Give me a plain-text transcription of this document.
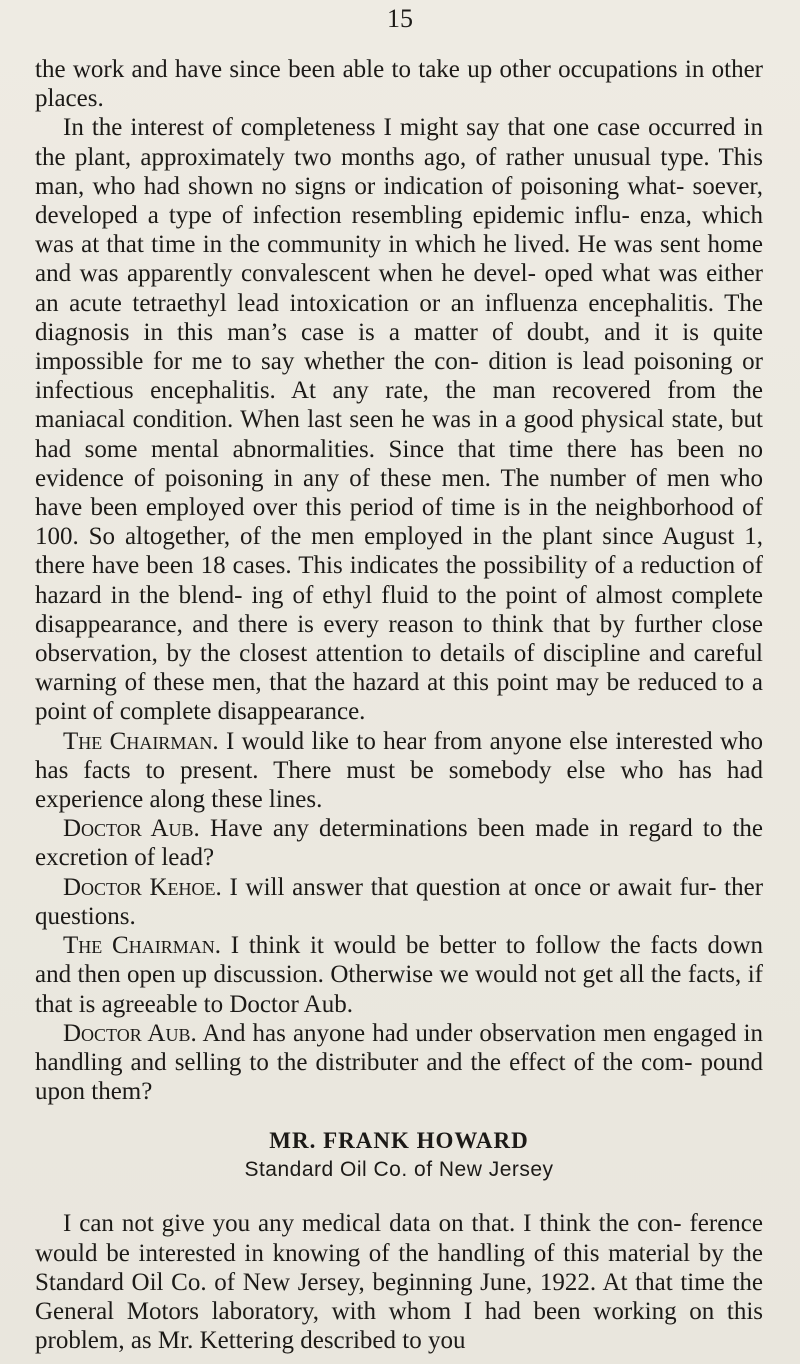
15

the work and have since been able to take up other occupations in other places.

In the interest of completeness I might say that one case occurred in the plant, approximately two months ago, of rather unusual type. This man, who had shown no signs or indication of poisoning what- soever, developed a type of infection resembling epidemic influ- enza, which was at that time in the community in which he lived. He was sent home and was apparently convalescent when he devel- oped what was either an acute tetraethyl lead intoxication or an influenza encephalitis. The diagnosis in this man’s case is a matter of doubt, and it is quite impossible for me to say whether the con- dition is lead poisoning or infectious encephalitis. At any rate, the man recovered from the maniacal condition. When last seen he was in a good physical state, but had some mental abnormalities. Since that time there has been no evidence of poisoning in any of these men. The number of men who have been employed over this period of time is in the neighborhood of 100. So altogether, of the men employed in the plant since August 1, there have been 18 cases. This indicates the possibility of a reduction of hazard in the blend- ing of ethyl fluid to the point of almost complete disappearance, and there is every reason to think that by further close observation, by the closest attention to details of discipline and careful warning of these men, that the hazard at this point may be reduced to a point of complete disappearance.

The Chairman. I would like to hear from anyone else interested who has facts to present. There must be somebody else who has had experience along these lines.

Doctor Aub. Have any determinations been made in regard to the excretion of lead?

Doctor Kehoe. I will answer that question at once or await fur- ther questions.

The Chairman. I think it would be better to follow the facts down and then open up discussion. Otherwise we would not get all the facts, if that is agreeable to Doctor Aub.

Doctor Aub. And has anyone had under observation men engaged in handling and selling to the distributer and the effect of the com- pound upon them?

MR. FRANK HOWARD

Standard Oil Co. of New Jersey

I can not give you any medical data on that. I think the con- ference would be interested in knowing of the handling of this material by the Standard Oil Co. of New Jersey, beginning June, 1922. At that time the General Motors laboratory, with whom I had been working on this problem, as Mr. Kettering described to you
